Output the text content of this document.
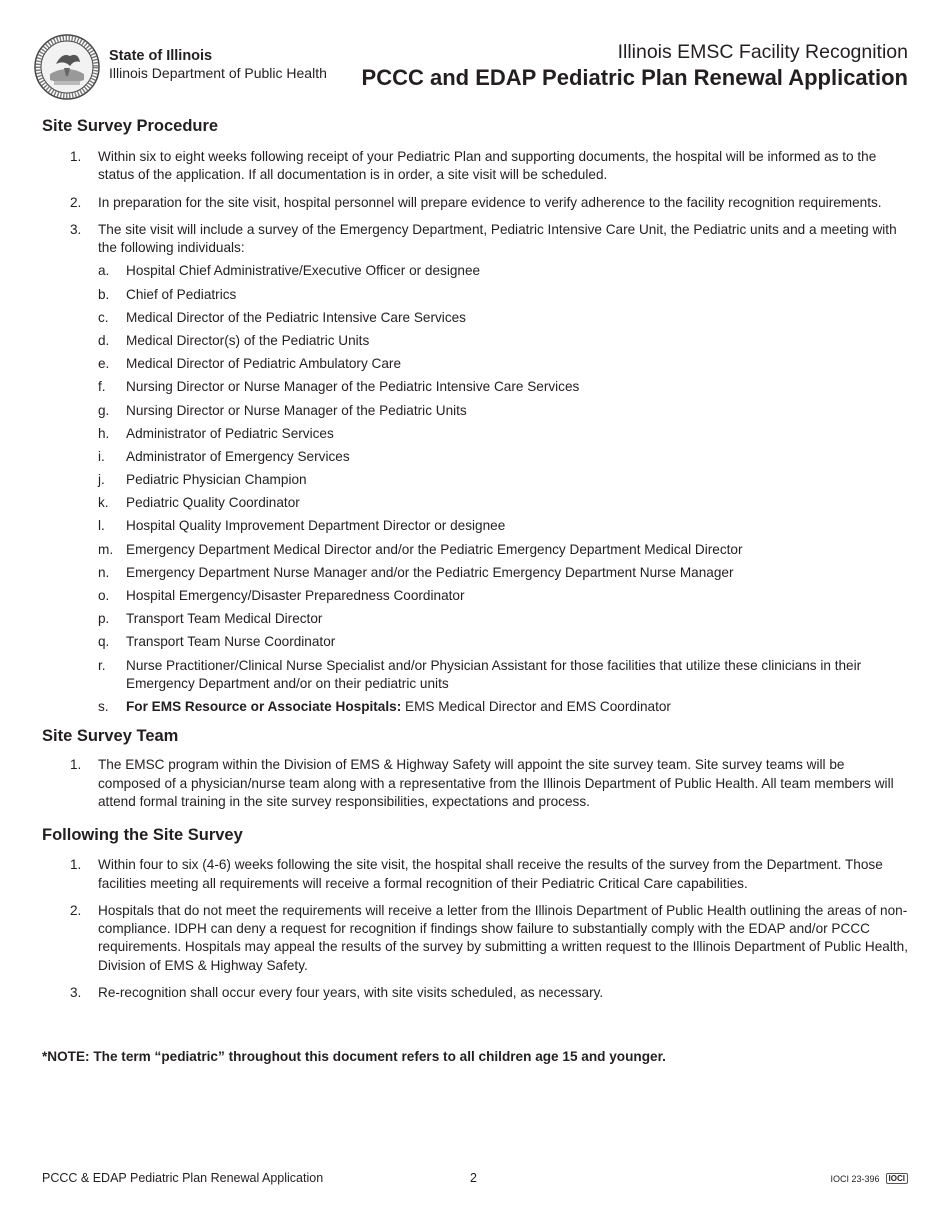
State of Illinois
Illinois Department of Public Health
Illinois EMSC Facility Recognition
PCCC and EDAP Pediatric Plan Renewal Application
Site Survey Procedure
1. Within six to eight weeks following receipt of your Pediatric Plan and supporting documents, the hospital will be informed as to the status of the application. If all documentation is in order, a site visit will be scheduled.
2. In preparation for the site visit, hospital personnel will prepare evidence to verify adherence to the facility recognition requirements.
3. The site visit will include a survey of the Emergency Department, Pediatric Intensive Care Unit, the Pediatric units and a meeting with the following individuals:
a. Hospital Chief Administrative/Executive Officer or designee
b. Chief of Pediatrics
c. Medical Director of the Pediatric Intensive Care Services
d. Medical Director(s) of the Pediatric Units
e. Medical Director of Pediatric Ambulatory Care
f. Nursing Director or Nurse Manager of the Pediatric Intensive Care Services
g. Nursing Director or Nurse Manager of the Pediatric Units
h. Administrator of Pediatric Services
i. Administrator of Emergency Services
j. Pediatric Physician Champion
k. Pediatric Quality Coordinator
l. Hospital Quality Improvement Department Director or designee
m. Emergency Department Medical Director and/or the Pediatric Emergency Department Medical Director
n. Emergency Department Nurse Manager and/or the Pediatric Emergency Department Nurse Manager
o. Hospital Emergency/Disaster Preparedness Coordinator
p. Transport Team Medical Director
q. Transport Team Nurse Coordinator
r. Nurse Practitioner/Clinical Nurse Specialist and/or Physician Assistant for those facilities that utilize these clinicians in their Emergency Department and/or on their pediatric units
s. For EMS Resource or Associate Hospitals: EMS Medical Director and EMS Coordinator
Site Survey Team
1. The EMSC program within the Division of EMS & Highway Safety will appoint the site survey team. Site survey teams will be composed of a physician/nurse team along with a representative from the Illinois Department of Public Health. All team members will attend formal training in the site survey responsibilities, expectations and process.
Following the Site Survey
1. Within four to six (4-6) weeks following the site visit, the hospital shall receive the results of the survey from the Department. Those facilities meeting all requirements will receive a formal recognition of their Pediatric Critical Care capabilities.
2. Hospitals that do not meet the requirements will receive a letter from the Illinois Department of Public Health outlining the areas of non-compliance. IDPH can deny a request for recognition if findings show failure to substantially comply with the EDAP and/or PCCC requirements. Hospitals may appeal the results of the survey by submitting a written request to the Illinois Department of Public Health, Division of EMS & Highway Safety.
3. Re-recognition shall occur every four years, with site visits scheduled, as necessary.
*NOTE: The term “pediatric” throughout this document refers to all children age 15 and younger.
PCCC & EDAP Pediatric Plan Renewal Application	2	IOCI 23-396	IOCI
